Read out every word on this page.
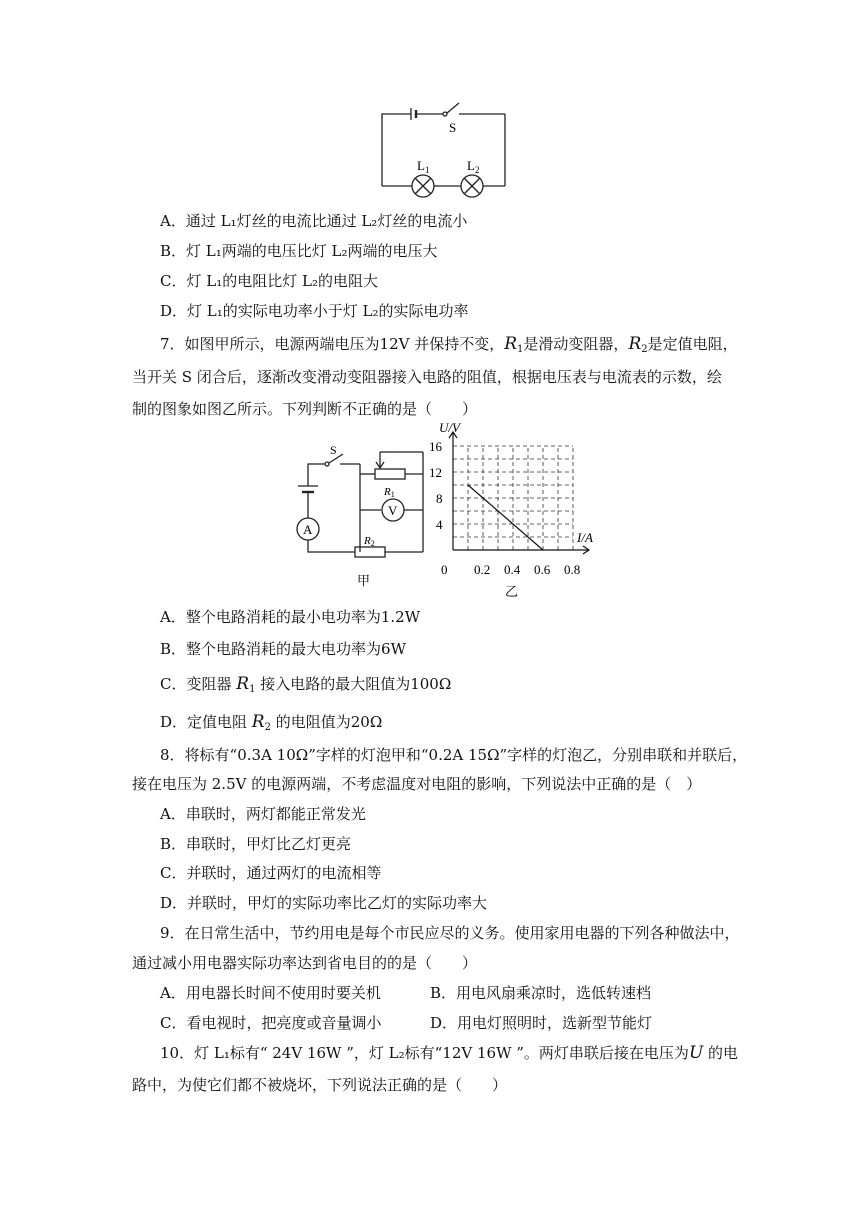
S
$L_1$	$L_2$
A．通过 L₁灯丝的电流比通过 L₂灯丝的电流小
B．灯 L₁两端的电压比灯 L₂两端的电压大
C．灯 L₁的电阻比灯 L₂的电阻大
D．灯 L₁的实际电功率小于灯 L₂的实际电功率
7．如图甲所示，电源两端电压为12V 并保持不变，$R_1$是滑动变阻器，$R_2$是定值电阻，
当开关 S 闭合后，逐渐改变滑动变阻器接入电路的阻值，根据电压表与电流表的示数，绘
制的图象如图乙所示。下列判断不正确的是（　　）
S
R1
V
A
R2
甲
0.2 0.4 0.6 0.8
4
8
12
16
0
U/V
I/A
乙
A．整个电路消耗的最小电功率为1.2W
B．整个电路消耗的最大电功率为6W
C．变阻器 $R_1$ 接入电路的最大阻值为100Ω
D．定值电阻 $R_2$ 的电阻值为20Ω
8．将标有“0.3A 10Ω”字样的灯泡甲和“0.2A 15Ω”字样的灯泡乙，分别串联和并联后，
接在电压为 2.5V 的电源两端，不考虑温度对电阻的影响，下列说法中正确的是（　）
A．串联时，两灯都能正常发光
B．串联时，甲灯比乙灯更亮
C．并联时，通过两灯的电流相等
D．并联时，甲灯的实际功率比乙灯的实际功率大
9．在日常生活中，节约用电是每个市民应尽的义务。使用家用电器的下列各种做法中，
通过减小用电器实际功率达到省电目的的是（　　）
A．用电器长时间不使用时要关机	B．用电风扇乘凉时，选低转速档
C．看电视时，把亮度或音量调小	D．用电灯照明时，选新型节能灯
10．灯 L₁标有“ 24V 16W ”，灯 L₂标有“12V 16W ”。两灯串联后接在电压为U 的电
路中，为使它们都不被烧坏，下列说法正确的是（　　）
